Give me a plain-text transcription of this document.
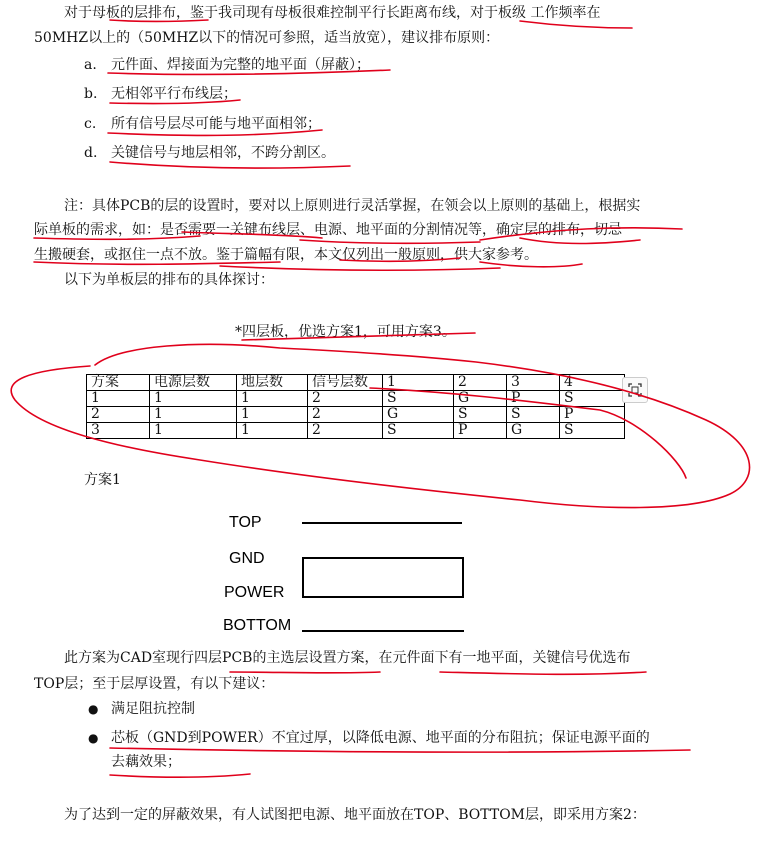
对于母板的层排布，鉴于我司现有母板很难控制平行长距离布线，对于板级 工作频率在
50MHZ以上的（50MHZ以下的情况可参照，适当放宽），建议排布原则：
a.	元件面、焊接面为完整的地平面（屏蔽）；
b. 无相邻平行布线层；
c.	所有信号层尽可能与地平面相邻；
d. 关键信号与地层相邻，不跨分割区。
注：具体PCB的层的设置时，要对以上原则进行灵活掌握，在领会以上原则的基础上，根据实
际单板的需求，如：是否需要一关键布线层、电源、地平面的分割情况等，确定层的排布，切忌
生搬硬套，或抠住一点不放。鉴于篇幅有限，本文仅列出一般原则，供大家参考。
以下为单板层的排布的具体探讨：
*四层板，优选方案1，可用方案3。
方案	电源层数	地层数	信号层数	1	2	3	4
1	1	1	2	S	G	P	S
2	1	1	2	G	S	S	P
3	1	1	2	S	P	G	S
方案1
TOP
GND
POWER
BOTTOM
此方案为CAD室现行四层PCB的主选层设置方案，在元件面下有一地平面，关键信号优选布
TOP层；至于层厚设置，有以下建议：
● 满足阻抗控制
● 芯板（GND到POWER）不宜过厚，以降低电源、地平面的分布阻抗；保证电源平面的
去藕效果；
为了达到一定的屏蔽效果，有人试图把电源、地平面放在TOP、BOTTOM层，即采用方案2：
